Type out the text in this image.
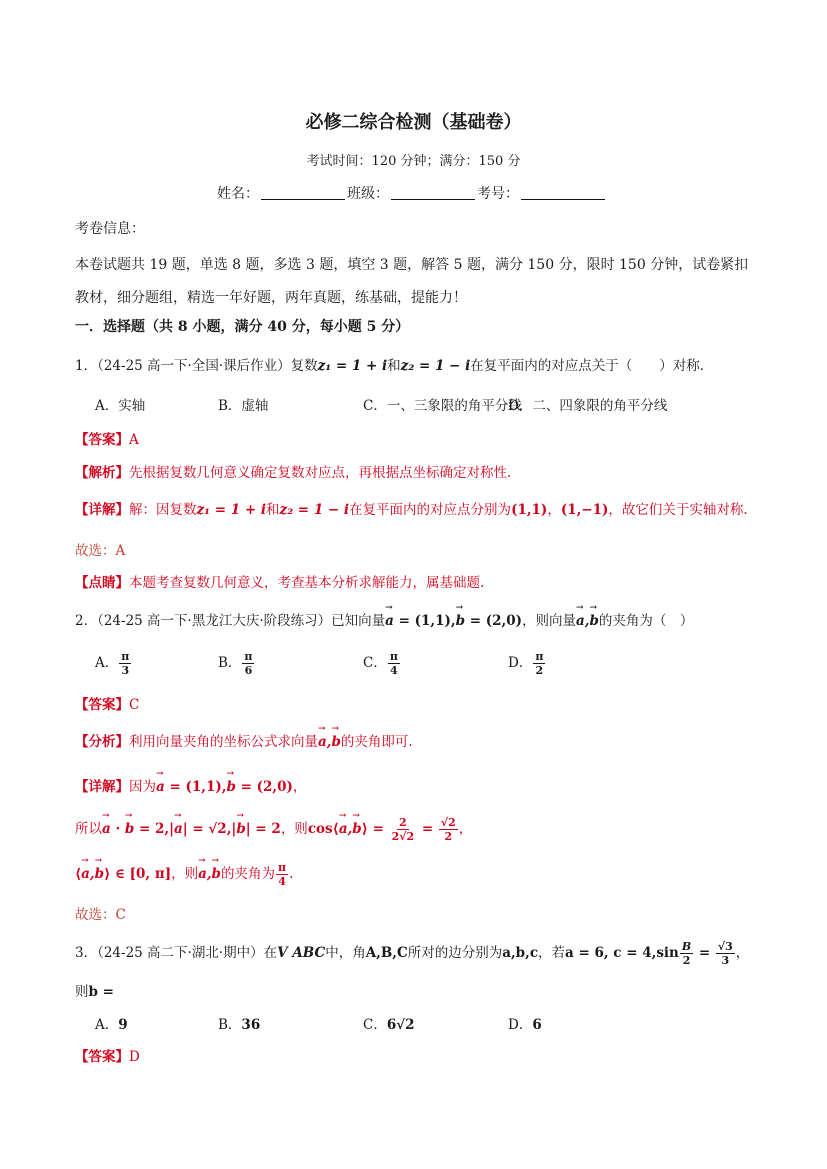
必修二综合检测（基础卷）
考试时间：120 分钟；满分：150 分
姓名：	班级：	考号：
考卷信息：
本卷试题共 19 题，单选 8 题，多选 3 题，填空 3 题，解答 5 题，满分 150 分，限时 150 分钟，试卷紧扣教材，细分题组，精选一年好题，两年真题，练基础，提能力！
一．选择题（共 8 小题，满分 40 分，每小题 5 分）
1．（24-25 高一下·全国·课后作业）复数z₁ = 1 + i和z₂ = 1 − i在复平面内的对应点关于（　　）对称．
A．实轴	B．虚轴	C．一、三象限的角平分线
D．二、四象限的角平分线
【答案】A
【解析】先根据复数几何意义确定复数对应点，再根据点坐标确定对称性.
【详解】解：因复数z₁ = 1 + i和z₂ = 1 − i在复平面内的对应点分别为(1,1)，(1,−1)，故它们关于实轴对称.
故选：A
【点睛】本题考查复数几何意义，考查基本分析求解能力，属基础题.
2．（24-25 高一下·黑龙江大庆·阶段练习）已知向量→ a = (1,1),→ b = (2,0)，则向量→ a,→ b的夹角为（　）
A． $\frac{\pi}{3}$	B． $\frac{\pi}{6}$	C． $\frac{\pi}{4}$	D． $\frac{\pi}{2}$
【答案】C
【分析】利用向量夹角的坐标公式求向量→ a,→ b的夹角即可.
【详解】因为→ a = (1,1),→ b = (2,0)，
所以→ a · → b = 2,|→ a| = √2,|→ b| = 2，则cos⟨→ a,→ b⟩ = $\frac{2}{2√2} = \frac{√2}{2}$ ，
⟨→ a,→ b⟩ ∈ [0, π]，则→ a,→ b的夹角为 $\frac{\pi}{4}$ .
故选：C
3．（24-25 高二下·湖北·期中）在V ABC中，角A,B,C所对的边分别为a,b,c，若a = 6, $c = 4,\sin \frac{B}{2} = \frac{√3}{3}$ ，
则b =
A．9	B．36	C．6√2	D．6
【答案】D
